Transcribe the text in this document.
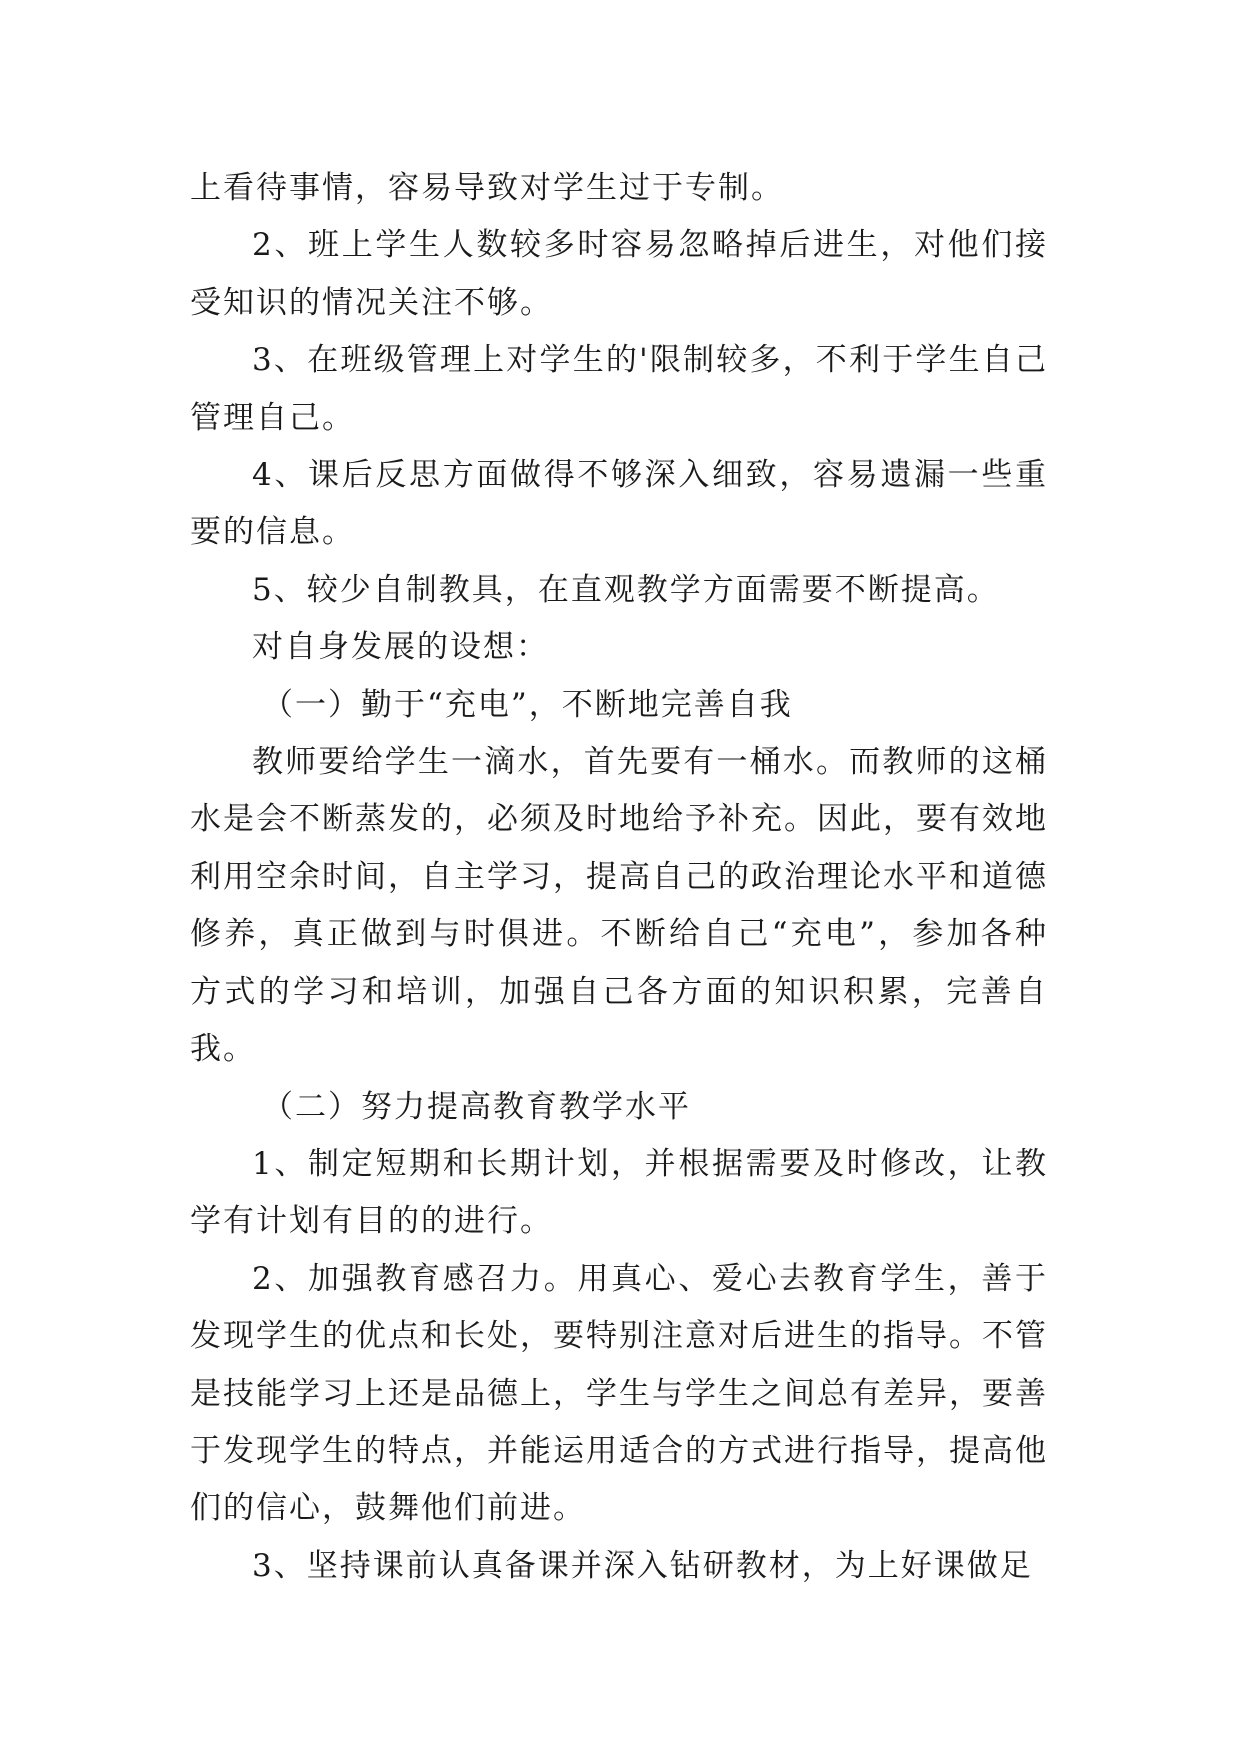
上看待事情，容易导致对学生过于专制。

2、班上学生人数较多时容易忽略掉后进生，对他们接受知识的情况关注不够。

3、在班级管理上对学生的'限制较多，不利于学生自己管理自己。

4、课后反思方面做得不够深入细致，容易遗漏一些重要的信息。

5、较少自制教具，在直观教学方面需要不断提高。

对自身发展的设想：

（一）勤于“充电”，不断地完善自我

教师要给学生一滴水，首先要有一桶水。而教师的这桶水是会不断蒸发的，必须及时地给予补充。因此，要有效地利用空余时间，自主学习，提高自己的政治理论水平和道德修养，真正做到与时俱进。不断给自己“充电”，参加各种方式的学习和培训，加强自己各方面的知识积累，完善自我。

（二）努力提高教育教学水平

1、制定短期和长期计划，并根据需要及时修改，让教学有计划有目的的进行。

2、加强教育感召力。用真心、爱心去教育学生，善于发现学生的优点和长处，要特别注意对后进生的指导。不管是技能学习上还是品德上，学生与学生之间总有差异，要善于发现学生的特点，并能运用适合的方式进行指导，提高他们的信心，鼓舞他们前进。

3、坚持课前认真备课并深入钻研教材，为上好课做足
